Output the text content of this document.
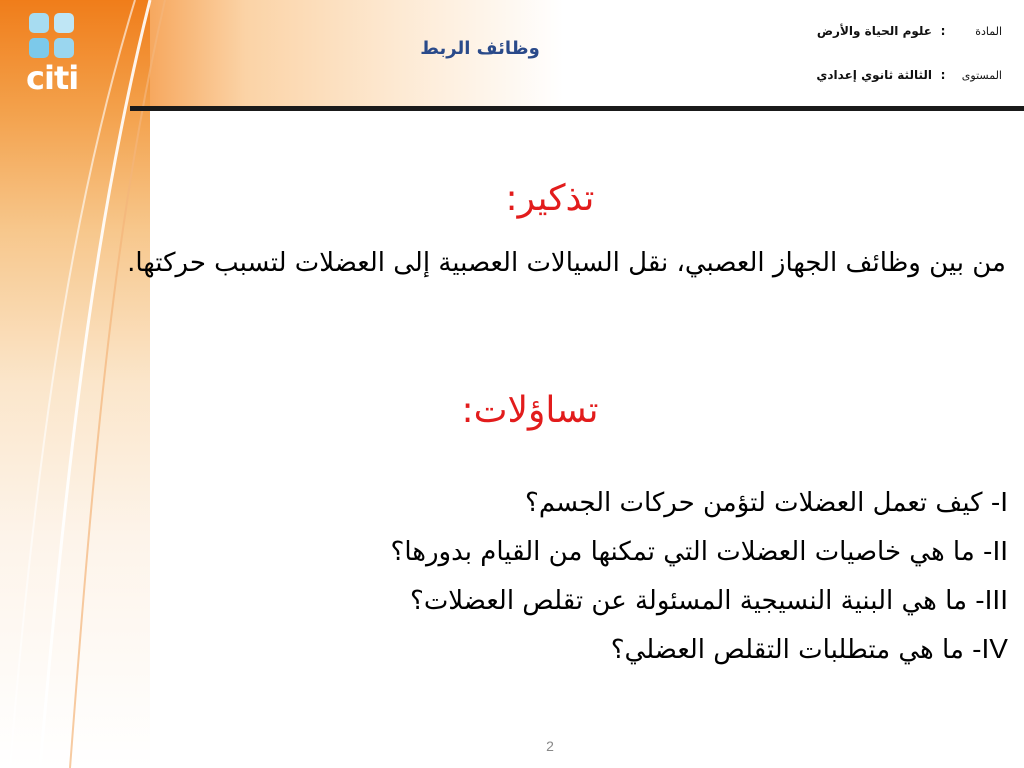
citi
وظائف الربط
المادة:علوم الحياة والأرض
المستوى:الثالثة ثانوي إعدادي
تذكير:
من بين وظائف الجهاز العصبي، نقل السيالات العصبية إلى العضلات لتسبب حركتها.
تساؤلات:
I- كيف تعمل العضلات لتؤمن حركات الجسم؟
II- ما هي خاصيات العضلات التي تمكنها من القيام بدورها؟
III- ما هي البنية النسيجية المسئولة عن تقلص العضلات؟
IV- ما هي متطلبات التقلص العضلي؟
2
